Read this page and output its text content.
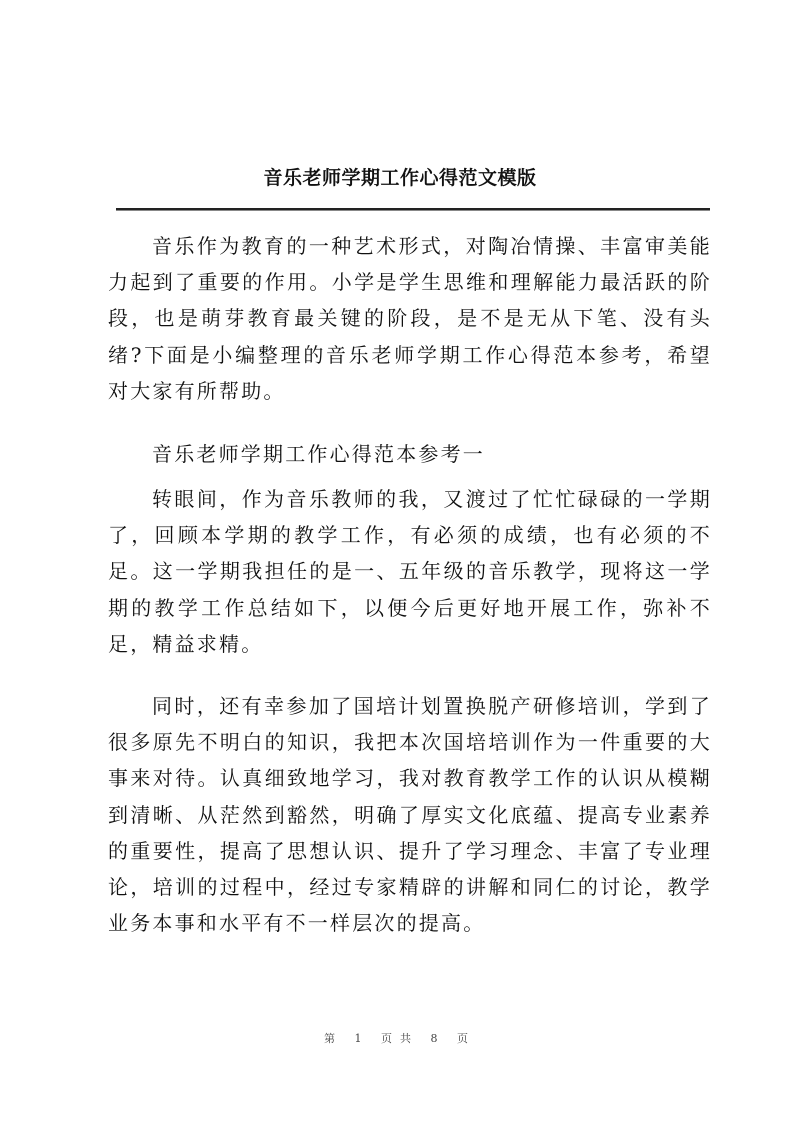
音乐老师学期工作心得范文模版

音乐作为教育的一种艺术形式，对陶冶情操、丰富审美能力起到了重要的作用。小学是学生思维和理解能力最活跃的阶段，也是萌芽教育最关键的阶段，是不是无从下笔、没有头绪?下面是小编整理的音乐老师学期工作心得范本参考，希望对大家有所帮助。

音乐老师学期工作心得范本参考一

转眼间，作为音乐教师的我，又渡过了忙忙碌碌的一学期了，回顾本学期的教学工作，有必须的成绩，也有必须的不足。这一学期我担任的是一、五年级的音乐教学，现将这一学期的教学工作总结如下，以便今后更好地开展工作，弥补不足，精益求精。

同时，还有幸参加了国培计划置换脱产研修培训，学到了很多原先不明白的知识，我把本次国培培训作为一件重要的大事来对待。认真细致地学习，我对教育教学工作的认识从模糊到清晰、从茫然到豁然，明确了厚实文化底蕴、提高专业素养的重要性，提高了思想认识、提升了学习理念、丰富了专业理论，培训的过程中，经过专家精辟的讲解和同仁的讨论，教学业务本事和水平有不一样层次的提高。

第 1 页共 8 页
